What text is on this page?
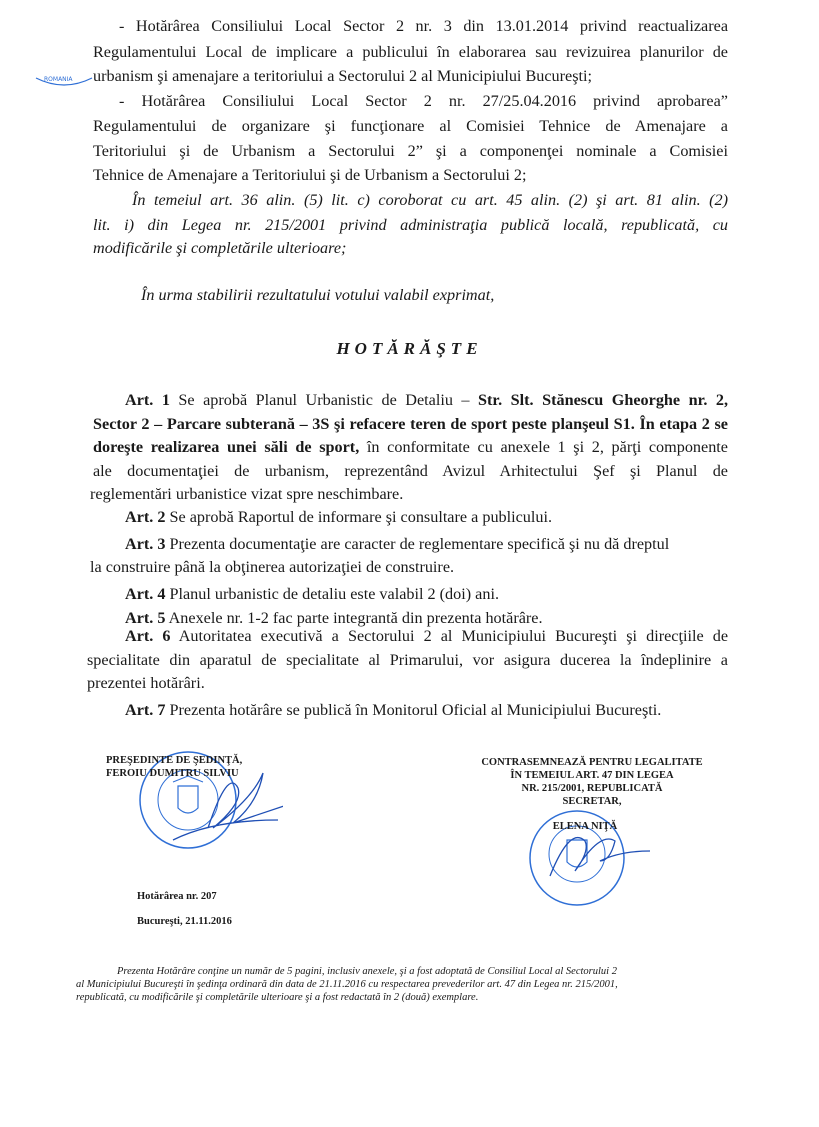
ROMANIA
- Hotărârea Consiliului Local Sector 2 nr. 3 din 13.01.2014 privind reactualizarea
Regulamentului Local de implicare a publicului în elaborarea sau revizuirea planurilor de
urbanism şi amenajare a teritoriului a Sectorului 2 al Municipiului Bucureşti;
- Hotărârea Consiliului Local Sector 2 nr. 27/25.04.2016 privind aprobarea”
Regulamentului de organizare şi funcţionare al Comisiei Tehnice de Amenajare a
Teritoriului şi de Urbanism a Sectorului 2” şi a componenţei nominale a Comisiei
Tehnice de Amenajare a Teritoriului şi de Urbanism a Sectorului 2;
În temeiul art. 36 alin. (5) lit. c) coroborat cu art. 45 alin. (2) şi art. 81 alin. (2)
lit. i) din Legea nr. 215/2001 privind administraţia publică locală, republicată, cu
modificările şi completările ulterioare;
În urma stabilirii rezultatului votului valabil exprimat,
HOTĂRĂŞTE
Art. 1 Se aprobă Planul Urbanistic de Detaliu – Str. Slt. Stănescu Gheorghe nr. 2,
Sector 2 – Parcare subterană – 3S şi refacere teren de sport peste planşeul S1. În etapa 2 se
doreşte realizarea unei săli de sport, în conformitate cu anexele 1 şi 2, părţi componente
ale documentaţiei de urbanism, reprezentând Avizul Arhitectului Şef şi Planul de
reglementări urbanistice vizat spre neschimbare.
Art. 2 Se aprobă Raportul de informare şi consultare a publicului.
Art. 3 Prezenta documentaţie are caracter de reglementare specifică şi nu dă dreptul
la construire până la obţinerea autorizaţiei de construire.
Art. 4 Planul urbanistic de detaliu este valabil 2 (doi) ani.
Art. 5 Anexele nr. 1-2 fac parte integrantă din prezenta hotărâre.
Art. 6 Autoritatea executivă a Sectorului 2 al Municipiului Bucureşti şi direcţiile de
specialitate din aparatul de specialitate al Primarului, vor asigura ducerea la îndeplinire a
prezentei hotărâri.
Art. 7 Prezenta hotărâre se publică în Monitorul Oficial al Municipiului Bucureşti.
PREŞEDINTE DE ŞEDINŢĂ,
FEROIU DUMITRU SILVIU
CONTRASEMNEAZĂ PENTRU LEGALITATE
ÎN TEMEIUL ART. 47 DIN LEGEA
NR. 215/2001, REPUBLICATĂ
SECRETAR,
ELENA NIŢĂ
Hotărârea nr. 207
Bucureşti, 21.11.2016
Prezenta Hotărâre conţine un număr de 5 pagini, inclusiv anexele, şi a fost adoptată de Consiliul Local al Sectorului 2
al Municipiului Bucureşti în şedinţa ordinară din data de 21.11.2016 cu respectarea prevederilor art. 47 din Legea nr. 215/2001,
republicată, cu modificările şi completările ulterioare şi a fost redactată în 2 (două) exemplare.
